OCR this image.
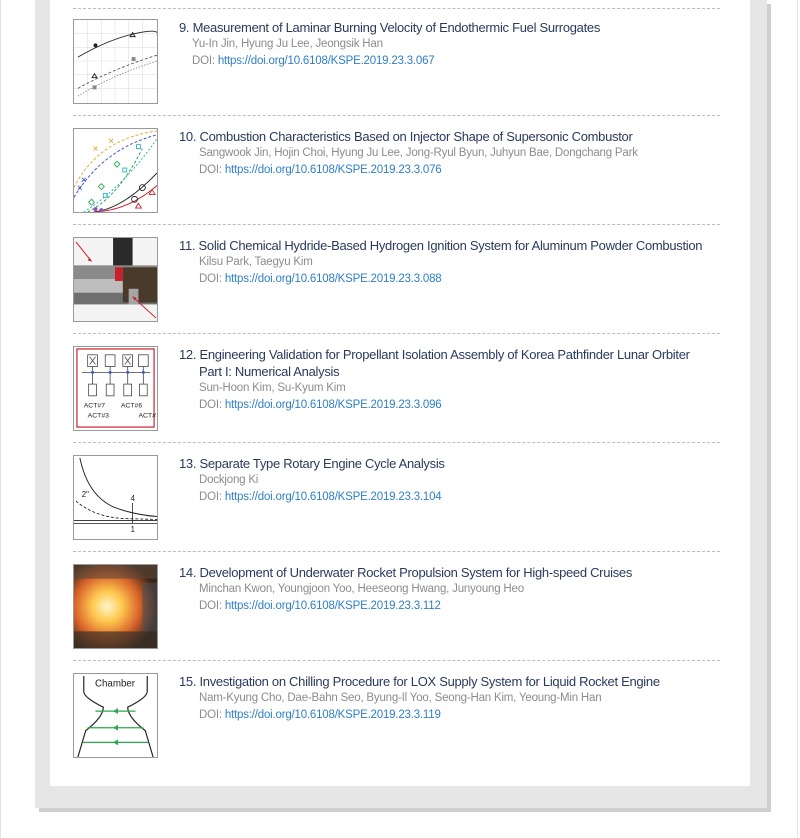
9. Measurement of Laminar Burning Velocity of Endothermic Fuel Surrogates
Yu-In Jin, Hyung Ju Lee, Jeongsik Han
DOI: https://doi.org/10.6108/KSPE.2019.23.3.067
10. Combustion Characteristics Based on Injector Shape of Supersonic Combustor
Sangwook Jin, Hojin Choi, Hyung Ju Lee, Jong-Ryul Byun, Juhyun Bae, Dongchang Park
DOI: https://doi.org/10.6108/KSPE.2019.23.3.076
11. Solid Chemical Hydride-Based Hydrogen Ignition System for Aluminum Powder Combustion
Kilsu Park, Taegyu Kim
DOI: https://doi.org/10.6108/KSPE.2019.23.3.088
ACT#7 ACT#6
ACT#3	ACT#
12. Engineering Validation for Propellant Isolation Assembly of Korea Pathfinder Lunar Orbiter
Part I: Numerical Analysis
Sun-Hoon Kim, Su-Kyum Kim
DOI: https://doi.org/10.6108/KSPE.2019.23.3.096
2"	4
1
13. Separate Type Rotary Engine Cycle Analysis
Dockjong Ki
DOI: https://doi.org/10.6108/KSPE.2019.23.3.104
14. Development of Underwater Rocket Propulsion System for High-speed Cruises
Minchan Kwon, Youngjoon Yoo, Heeseong Hwang, Junyoung Heo
DOI: https://doi.org/10.6108/KSPE.2019.23.3.112
Chamber	15. Investigation on Chilling Procedure for LOX Supply System for Liquid Rocket Engine
Nam-Kyung Cho, Dae-Bahn Seo, Byung-Il Yoo, Seong-Han Kim, Yeoung-Min Han
DOI: https://doi.org/10.6108/KSPE.2019.23.3.119
